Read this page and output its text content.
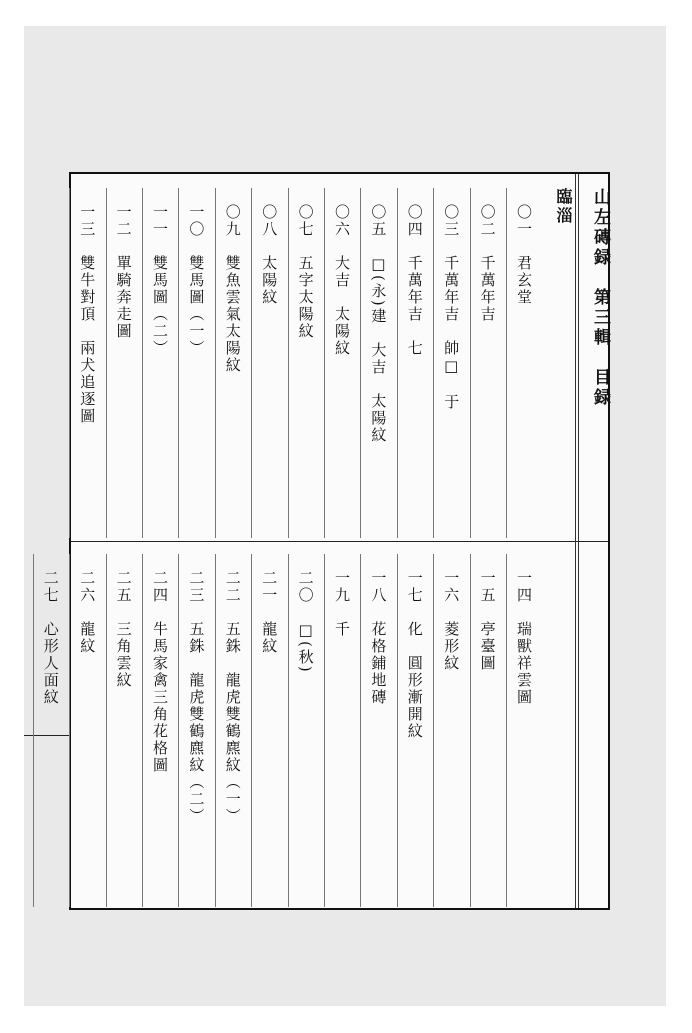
山左磚録　第三輯　目録
臨淄
〇一　君玄堂
〇二　千萬年吉
〇三　千萬年吉　帥□　于
〇四　千萬年吉　七
〇五　□(永)建　大吉　太陽紋
〇六　大吉　太陽紋
〇七　五字太陽紋
〇八　太陽紋
〇九　雙魚雲氣太陽紋
一〇　雙馬圖（一）
一一　雙馬圖（二）
一二　單騎奔走圖
一三　雙牛對頂　兩犬追逐圖
一四　瑞獸祥雲圖
一五　亭臺圖
一六　菱形紋
一七　化　圓形漸開紋
一八　花格鋪地磚
一九　千
二〇　□(秋)
二一　龍紋
二二　五銖　龍虎雙鶴麃紋（一）
二三　五銖　龍虎雙鶴麃紋（二）
二四　牛馬家禽三角花格圖
二五　三角雲紋
二六　龍紋
二七　心形人面紋
